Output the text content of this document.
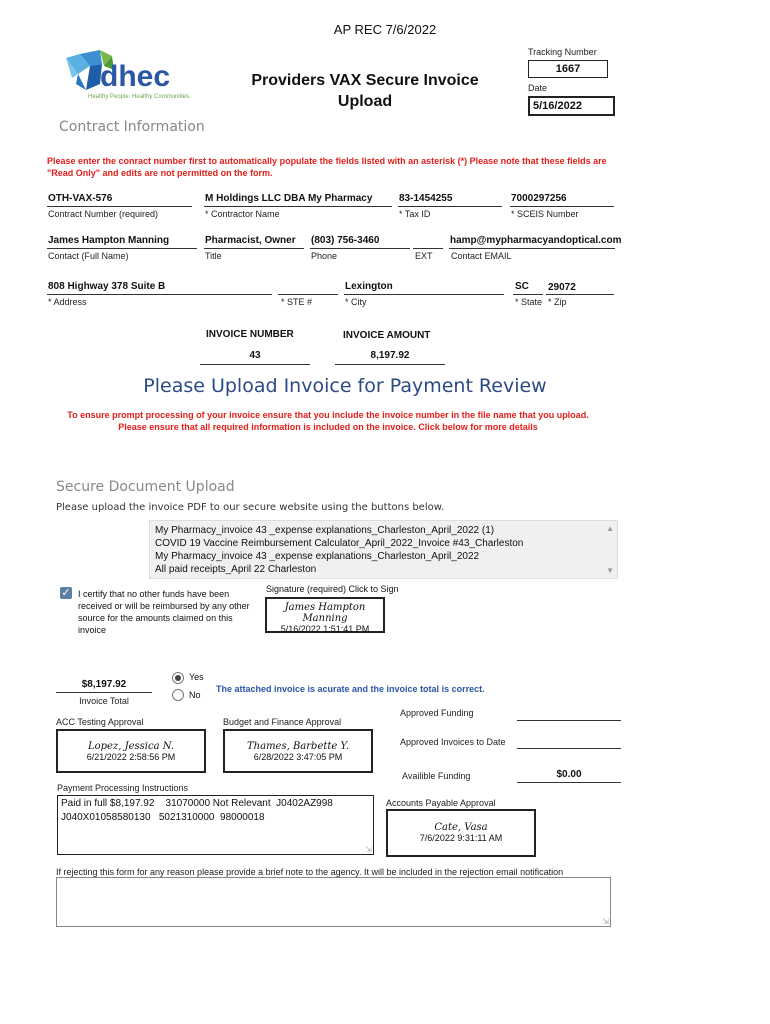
AP REC 7/6/2022
dhec
Healthy People. Healthy Communities.
Providers VAX Secure Invoice
Upload
Tracking Number
1667
Date
5/16/2022
Contract Information
Please enter the conract number first to automatically populate the fields listed with an asterisk (*) Please note that these fields are "Read Only" and edits are not permitted on the form.
OTH-VAX-576
Contract Number (required)
M Holdings LLC DBA My Pharmacy
* Contractor Name
83-1454255
* Tax ID
7000297256
* SCEIS Number
James Hampton Manning
Contact (Full Name)
Pharmacist, Owner
Title
(803) 756-3460
Phone	EXT
hamp@mypharmacyandoptical.com
Contact EMAIL
808 Highway 378 Suite B
* Address	* STE #
Lexington
* City
SC
* State
29072
* Zip
INVOICE NUMBER
43
INVOICE AMOUNT
8,197.92
Please Upload Invoice for Payment Review
To ensure prompt processing of your invoice ensure that you include the invoice number in the file name that you upload.
Please ensure that all required information is included on the invoice. Click below for more details
Secure Document Upload
Please upload the invoice PDF to our secure website using the buttons below.
My Pharmacy_invoice 43 _expense explanations_Charleston_April_2022 (1)
COVID 19 Vaccine Reimbursement Calculator_April_2022_Invoice #43_Charleston
My Pharmacy_invoice 43 _expense explanations_Charleston_April_2022
All paid receipts_April 22 Charleston
▲
▼
✓ I certify that no other funds have been received or will be reimbursed by any other source for the amounts claimed on this invoice
Signature (required) Click to Sign
James Hampton Manning
5/16/2022 1:51:41 PM
$8,197.92
Invoice Total
Yes
No
The attached invoice is acurate and the invoice total is correct.
ACC Testing Approval
Lopez, Jessica N.
6/21/2022 2:58:56 PM
Budget and Finance Approval
Thames, Barbette Y.
6/28/2022 3:47:05 PM
Approved Funding
Approved Invoices to Date
Availible Funding	$0.00
Payment Processing Instructions
Paid in full $8,197.92    31070000 Not Relevant  J0402AZ998
J040X01058580130   5021310000  98000018
⇲
Accounts Payable Approval
Cate, Vasa
7/6/2022 9:31:11 AM
If rejecting this form for any reason please provide a brief note to the agency. It will be included in the rejection email notification
⇲
